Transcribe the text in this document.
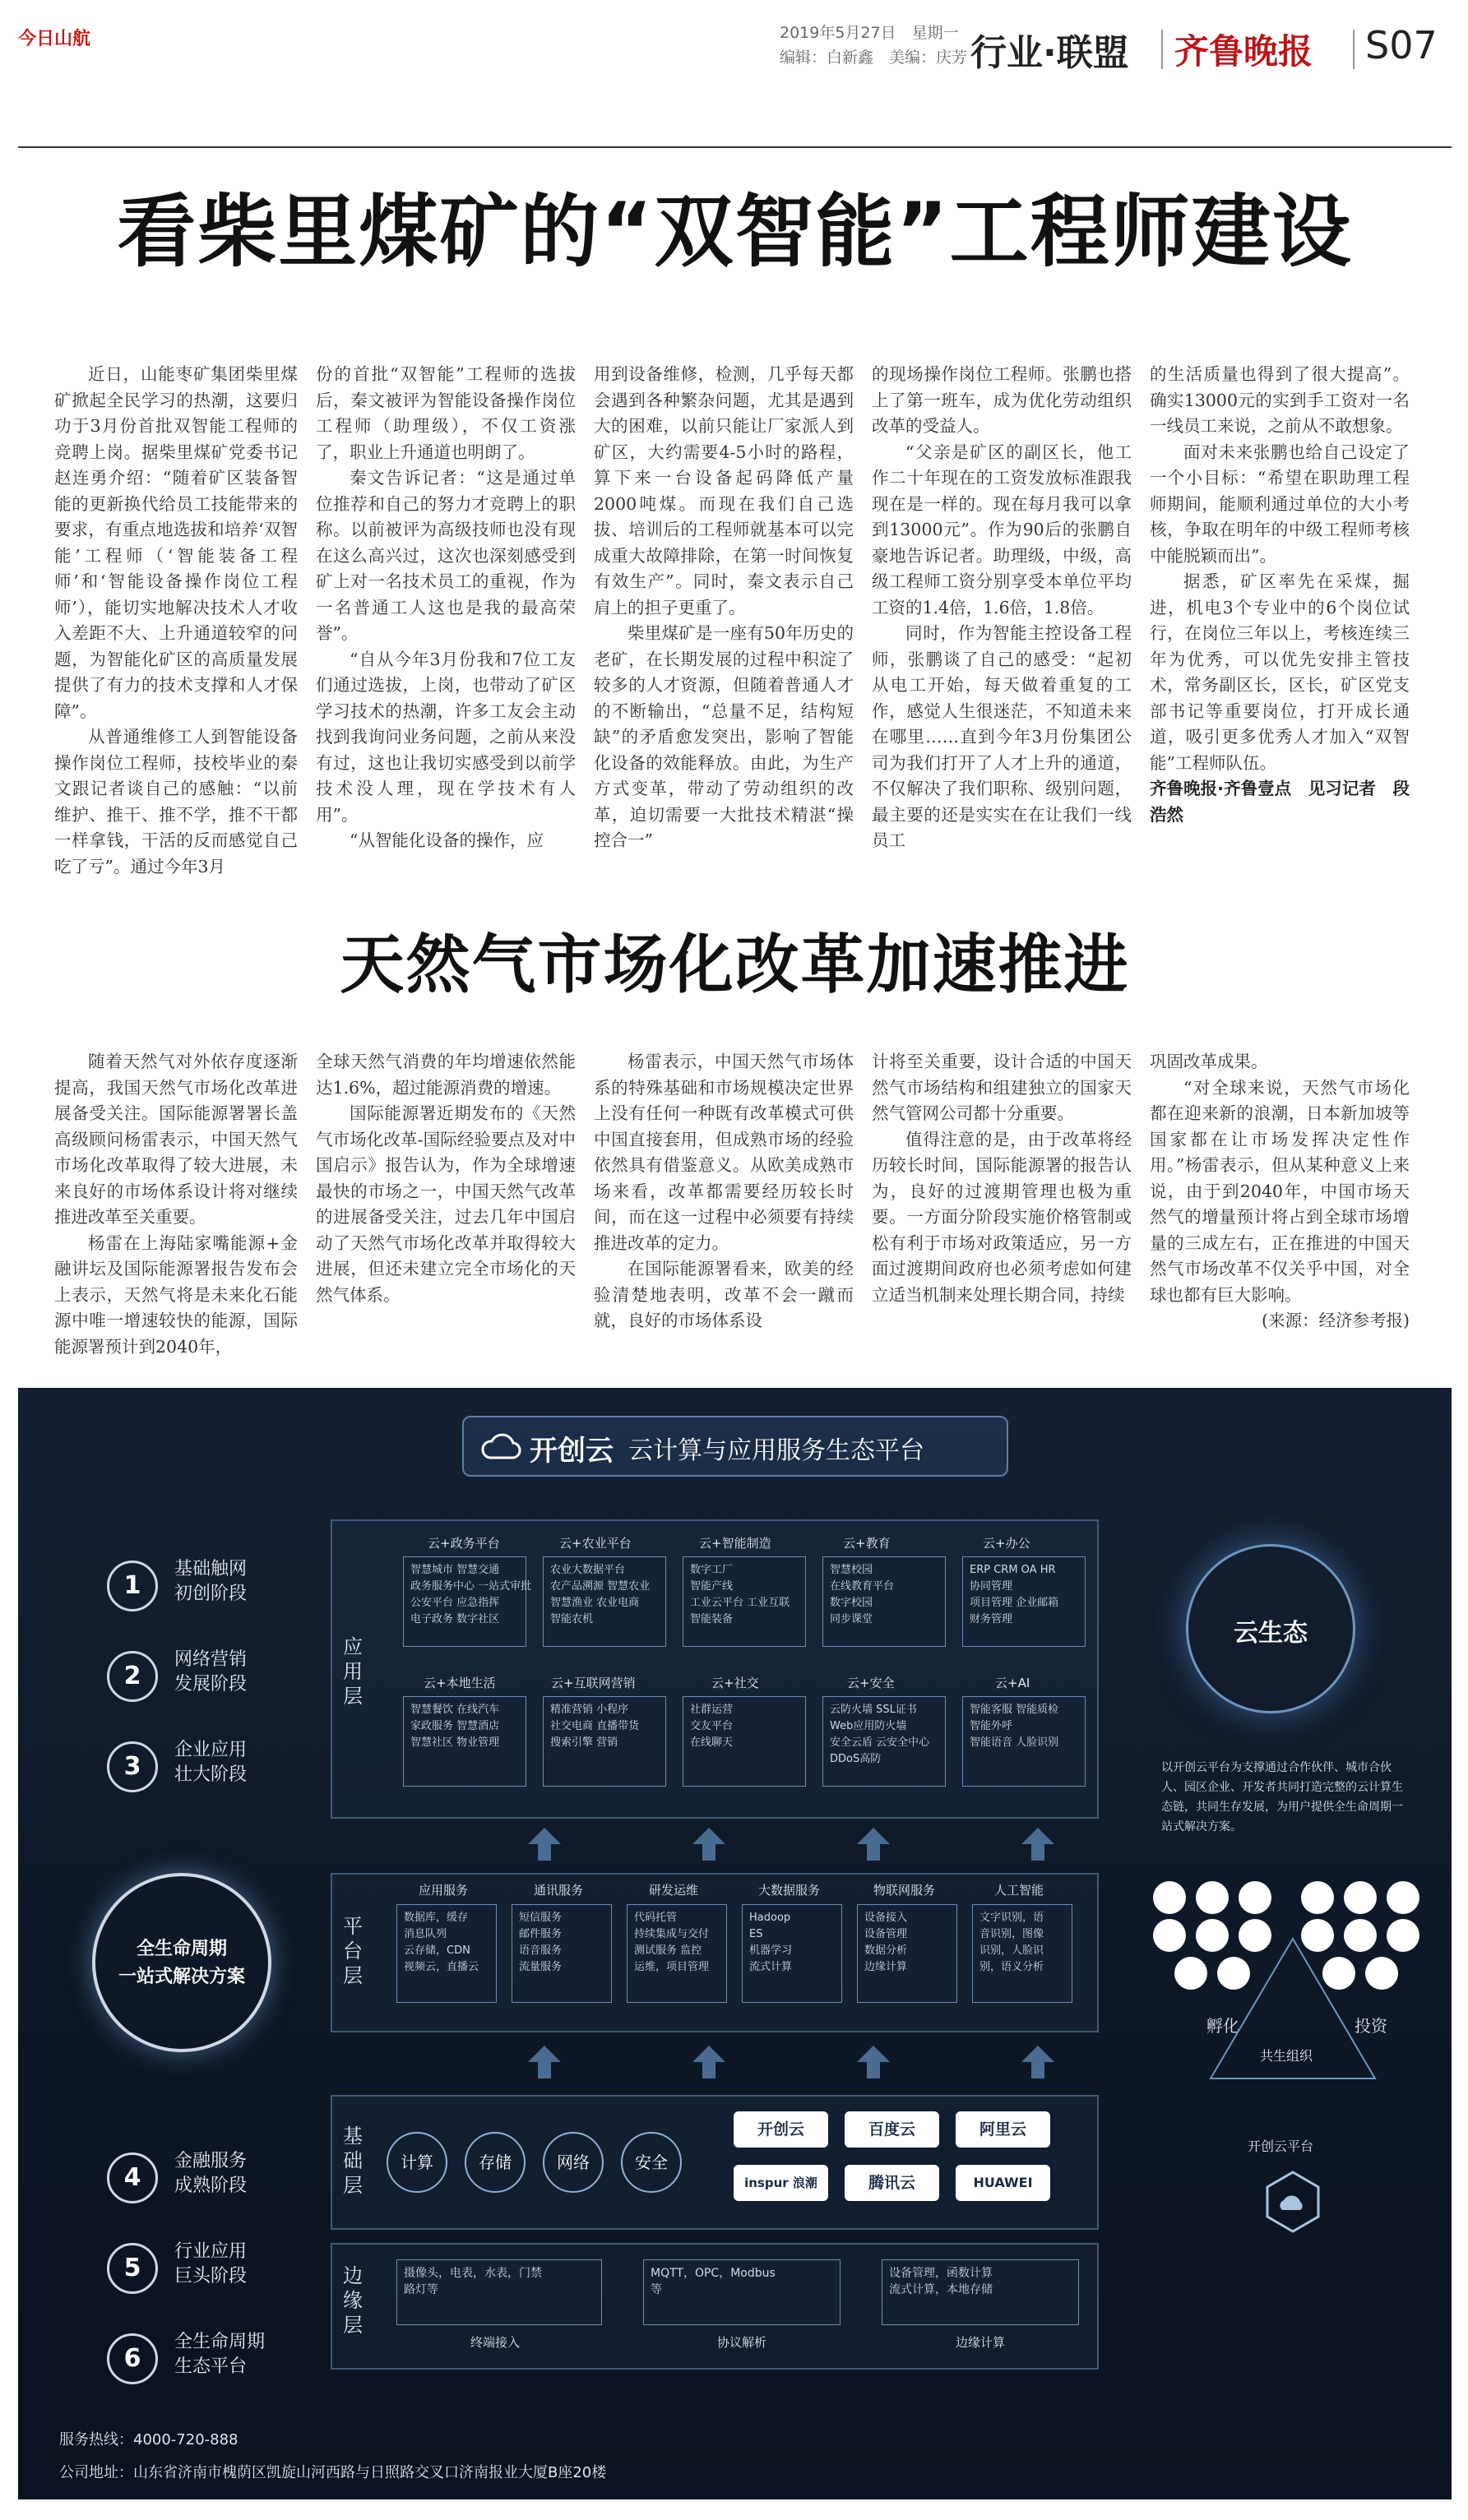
今日山航	2019年5月27日　星期一
编辑：白新鑫　美编：庆芳 行业·联盟 齐鲁晚报 S07
看柴里煤矿的“双智能”工程师建设

近日，山能枣矿集团柴里煤矿掀起全民学习的热潮，这要归功于3月份首批双智能工程师的竞聘上岗。据柴里煤矿党委书记赵连勇介绍：“随着矿区装备智能的更新换代给员工技能带来的要求，有重点地选拔和培养‘双智能’工程师（‘智能装备工程师’和‘智能设备操作岗位工程师’），能切实地解决技术人才收入差距不大、上升通道较窄的问题，为智能化矿区的高质量发展提供了有力的技术支撑和人才保障”。

从普通维修工人到智能设备操作岗位工程师，技校毕业的秦文跟记者谈自己的感触：“以前维护、推干、推不学，推不干都一样拿钱，干活的反而感觉自己吃了亏”。通过今年3月

份的首批“双智能”工程师的选拔后，秦文被评为智能设备操作岗位工程师（助理级），不仅工资涨了，职业上升通道也明朗了。

秦文告诉记者：“这是通过单位推荐和自己的努力才竞聘上的职称。以前被评为高级技师也没有现在这么高兴过，这次也深刻感受到矿上对一名技术员工的重视，作为一名普通工人这也是我的最高荣誉”。

“自从今年3月份我和7位工友们通过选拔，上岗，也带动了矿区学习技术的热潮，许多工友会主动找到我询问业务问题，之前从来没有过，这也让我切实感受到以前学技术没人理，现在学技术有人用”。

“从智能化设备的操作，应

用到设备维修，检测，几乎每天都会遇到各种繁杂问题，尤其是遇到大的困难，以前只能让厂家派人到矿区，大约需要4-5小时的路程，算下来一台设备起码降低产量2000吨煤。而现在我们自己选拔、培训后的工程师就基本可以完成重大故障排除，在第一时间恢复有效生产”。同时，秦文表示自己肩上的担子更重了。

柴里煤矿是一座有50年历史的老矿，在长期发展的过程中积淀了较多的人才资源，但随着普通人才的不断输出，“总量不足，结构短缺”的矛盾愈发突出，影响了智能化设备的效能释放。由此，为生产方式变革，带动了劳动组织的改革，迫切需要一大批技术精湛“操控合一”

的现场操作岗位工程师。张鹏也搭上了第一班车，成为优化劳动组织改革的受益人。

“父亲是矿区的副区长，他工作二十年现在的工资发放标准跟我现在是一样的。现在每月我可以拿到13000元”。作为90后的张鹏自豪地告诉记者。助理级，中级，高级工程师工资分别享受本单位平均工资的1.4倍，1.6倍，1.8倍。

同时，作为智能主控设备工程师，张鹏谈了自己的感受：“起初从电工开始，每天做着重复的工作，感觉人生很迷茫，不知道未来在哪里……直到今年3月份集团公司为我们打开了人才上升的通道，不仅解决了我们职称、级别问题，最主要的还是实实在在让我们一线员工

的生活质量也得到了很大提高”。确实13000元的实到手工资对一名一线员工来说，之前从不敢想象。

面对未来张鹏也给自己设定了一个小目标：“希望在职助理工程师期间，能顺利通过单位的大小考核，争取在明年的中级工程师考核中能脱颖而出”。

据悉，矿区率先在采煤，掘进，机电3个专业中的6个岗位试行，在岗位三年以上，考核连续三年为优秀，可以优先安排主管技术，常务副区长，区长，矿区党支部书记等重要岗位，打开成长通道，吸引更多优秀人才加入“双智能”工程师队伍。

齐鲁晚报·齐鲁壹点　见习记者　段浩然

天然气市场化改革加速推进

随着天然气对外依存度逐渐提高，我国天然气市场化改革进展备受关注。国际能源署署长盖高级顾问杨雷表示，中国天然气市场化改革取得了较大进展，未来良好的市场体系设计将对继续推进改革至关重要。

杨雷在上海陆家嘴能源+金融讲坛及国际能源署报告发布会上表示，天然气将是未来化石能源中唯一增速较快的能源，国际能源署预计到2040年，

全球天然气消费的年均增速依然能达1.6%，超过能源消费的增速。

国际能源署近期发布的《天然气市场化改革-国际经验要点及对中国启示》报告认为，作为全球增速最快的市场之一，中国天然气改革的进展备受关注，过去几年中国启动了天然气市场化改革并取得较大进展，但还未建立完全市场化的天然气体系。

杨雷表示，中国天然气市场体系的特殊基础和市场规模决定世界上没有任何一种既有改革模式可供中国直接套用，但成熟市场的经验依然具有借鉴意义。从欧美成熟市场来看，改革都需要经历较长时间，而在这一过程中必须要有持续推进改革的定力。

在国际能源署看来，欧美的经验清楚地表明，改革不会一蹴而就，良好的市场体系设

计将至关重要，设计合适的中国天然气市场结构和组建独立的国家天然气管网公司都十分重要。

值得注意的是，由于改革将经历较长时间，国际能源署的报告认为，良好的过渡期管理也极为重要。一方面分阶段实施价格管制或松有利于市场对政策适应，另一方面过渡期间政府也必须考虑如何建立适当机制来处理长期合同，持续

巩固改革成果。

“对全球来说，天然气市场化都在迎来新的浪潮，日本新加坡等国家都在让市场发挥决定性作用。”杨雷表示，但从某种意义上来说，由于到2040年，中国市场天然气的增量预计将占到全球市场增量的三成左右，正在推进的中国天然气市场改革不仅关乎中国，对全球也都有巨大影响。

(来源：经济参考报)

开创云 云计算与应用服务生态平台
1
基础触网
初创阶段
2
网络营销
发展阶段
3
企业应用
壮大阶段
全生命周期
一站式解决方案
4
金融服务
成熟阶段
5
行业应用
巨头阶段
6
全生命周期
生态平台
应
用
层
云+政务平台
智慧城市 智慧交通
政务服务中心 一站式审批
公安平台 应急指挥
电子政务 数字社区
云+农业平台
农业大数据平台
农产品溯源 智慧农业
智慧渔业 农业电商
智能农机
云+智能制造
数字工厂
智能产线
工业云平台 工业互联
智能装备
云+教育
智慧校园
在线教育平台
数字校园
同步课堂
云+办公
ERP CRM OA HR
协同管理
项目管理 企业邮箱
财务管理
云+本地生活
智慧餐饮 在线汽车
家政服务 智慧酒店
智慧社区 物业管理
云+互联网营销
精准营销 小程序
社交电商 直播带货
搜索引擎 营销
云+社交
社群运营
交友平台
在线聊天
云+安全
云防火墙 SSL证书
Web应用防火墙
安全云盾 云安全中心
DDoS高防
云+AI
智能客服 智能质检
智能外呼
智能语音 人脸识别
云生态
以开创云平台为支撑通过合作伙伴、城市合伙人、园区企业、开发者共同打造完整的云计算生态链，共同生存发展，为用户提供全生命周期一站式解决方案。
孵化	投资
共生组织
开创云平台
平
台
层
应用服务
数据库，缓存
消息队列
云存储，CDN
视频云，直播云
通讯服务
短信服务
邮件服务
语音服务
流量服务
研发运维
代码托管
持续集成与交付
测试服务 监控
运维，项目管理
大数据服务
Hadoop
ES
机器学习
流式计算
物联网服务
设备接入
设备管理
数据分析
边缘计算
人工智能
文字识别，语
音识别，图像
识别，人脸识
别，语义分析
基
础
层
计算	存储	网络	安全
开创云	百度云	阿里云
inspur 浪潮	腾讯云	HUAWEI
边
缘
层
摄像头，电表，水表，门禁
路灯等
终端接入
MQTT，OPC，Modbus
等
协议解析
设备管理，函数计算
流式计算，本地存储
边缘计算
服务热线：4000-720-888
公司地址：山东省济南市槐荫区凯旋山河西路与日照路交叉口济南报业大厦B座20楼
